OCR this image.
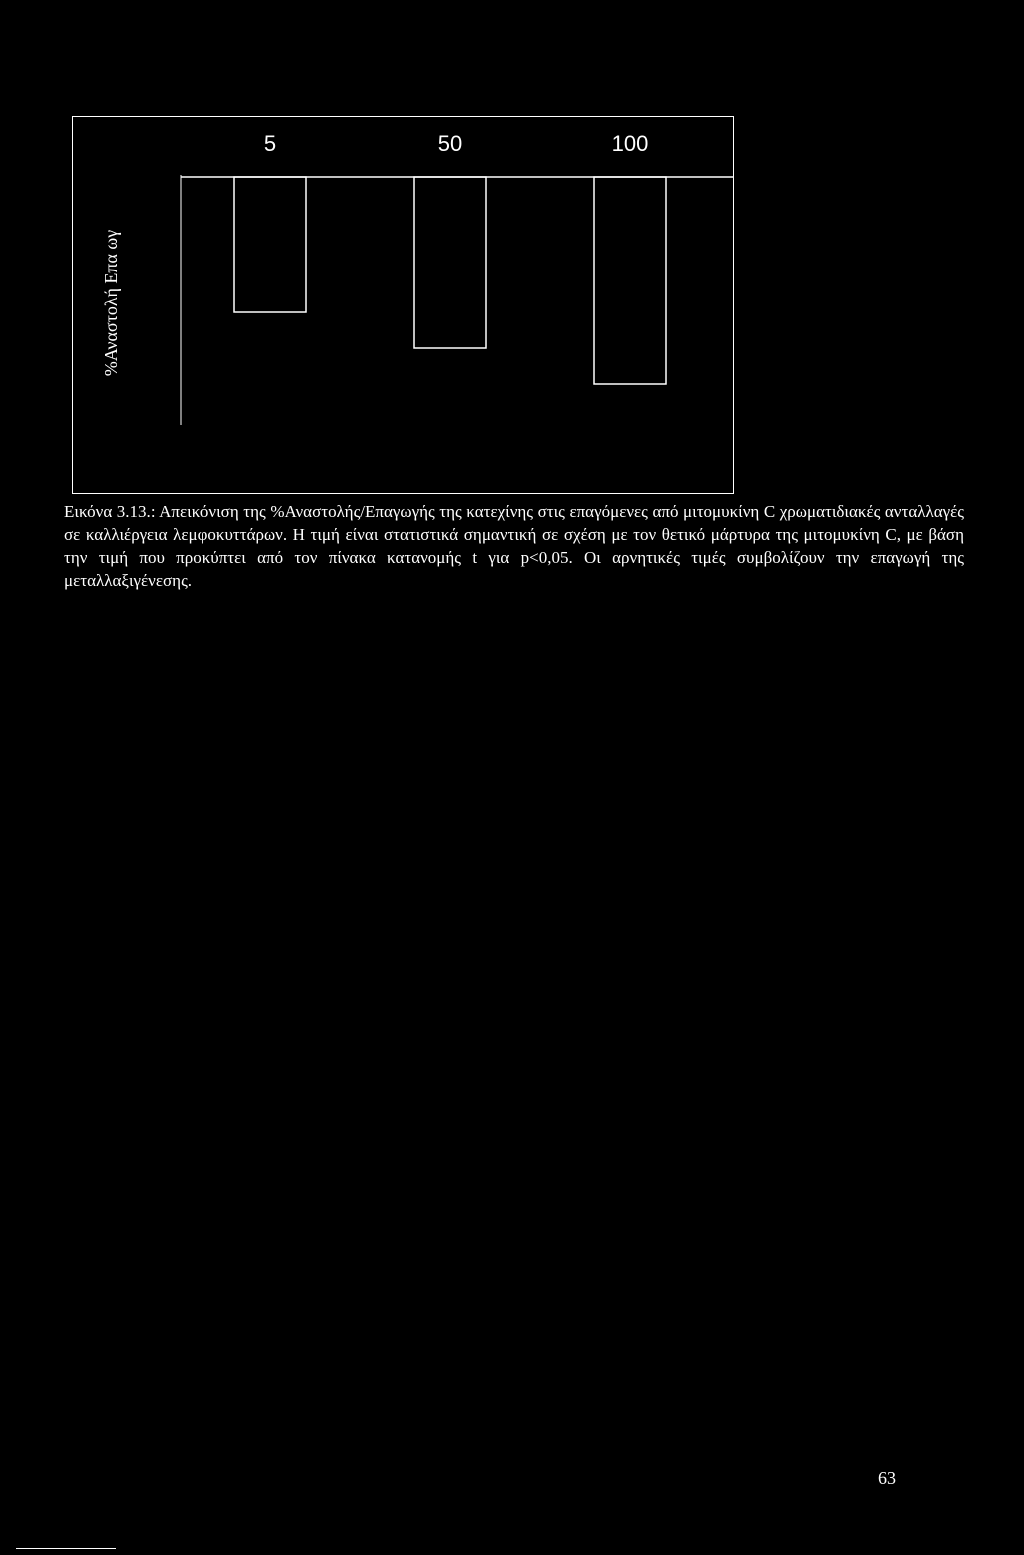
5	50	100
%Αναστολή Επα ωγ
Εικόνα 3.13.: Απεικόνιση της %Αναστολής/Επαγωγής της κατεχίνης στις επαγόμενες από μιτομυκίνη C χρωματιδιακές ανταλλαγές σε καλλιέργεια λεμφοκυττάρων. Η τιμή είναι στατιστικά σημαντική σε σχέση με τον θετικό μάρτυρα της μιτομυκίνη C, με βάση την τιμή που προκύπτει από τον πίνακα κατανομής t για p<0,05. Οι αρνητικές τιμές συμβολίζουν την επαγωγή της μεταλλαξιγένεσης.
63
